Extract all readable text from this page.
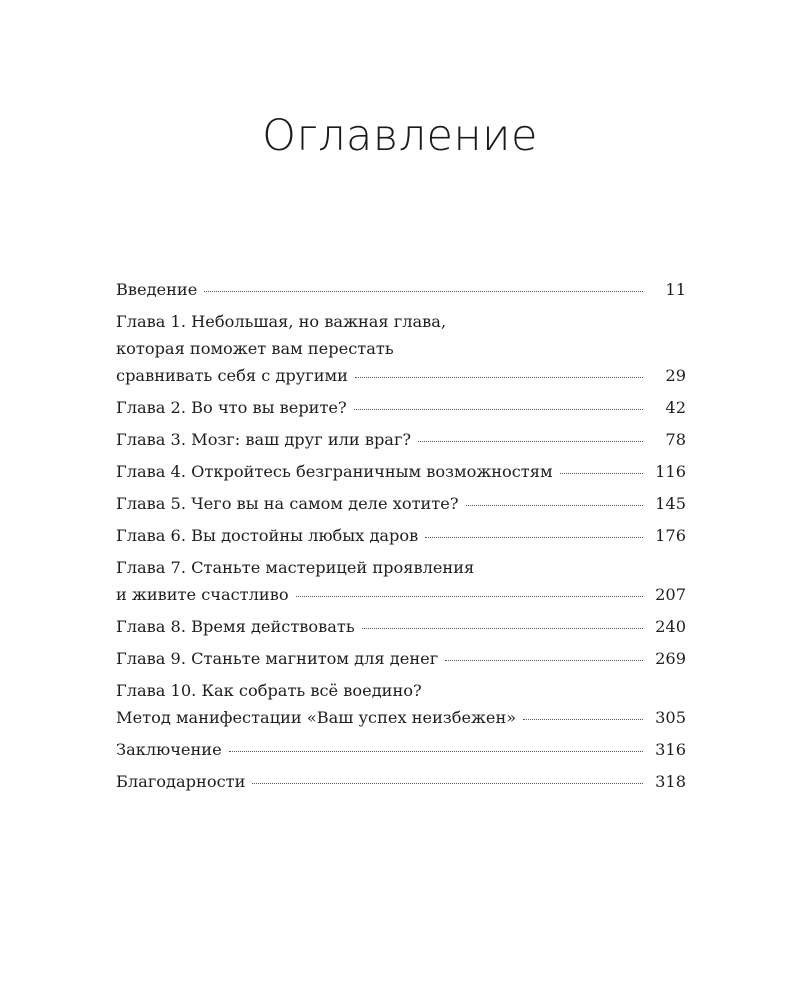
Оглавление
Введение	11
Глава 1. Небольшая, но важная глава,
которая поможет вам перестать
сравнивать себя с другими	29
Глава 2. Во что вы верите?	42
Глава 3. Мозг: ваш друг или враг?	78
Глава 4. Откройтесь безграничным возможностям	116
Глава 5. Чего вы на самом деле хотите?	145
Глава 6. Вы достойны любых даров	176
Глава 7. Станьте мастерицей проявления
и живите счастливо	207
Глава 8. Время действовать	240
Глава 9. Станьте магнитом для денег	269
Глава 10. Как собрать всё воедино?
Метод манифестации «Ваш успех неизбежен»	305
Заключение	316
Благодарности	318
